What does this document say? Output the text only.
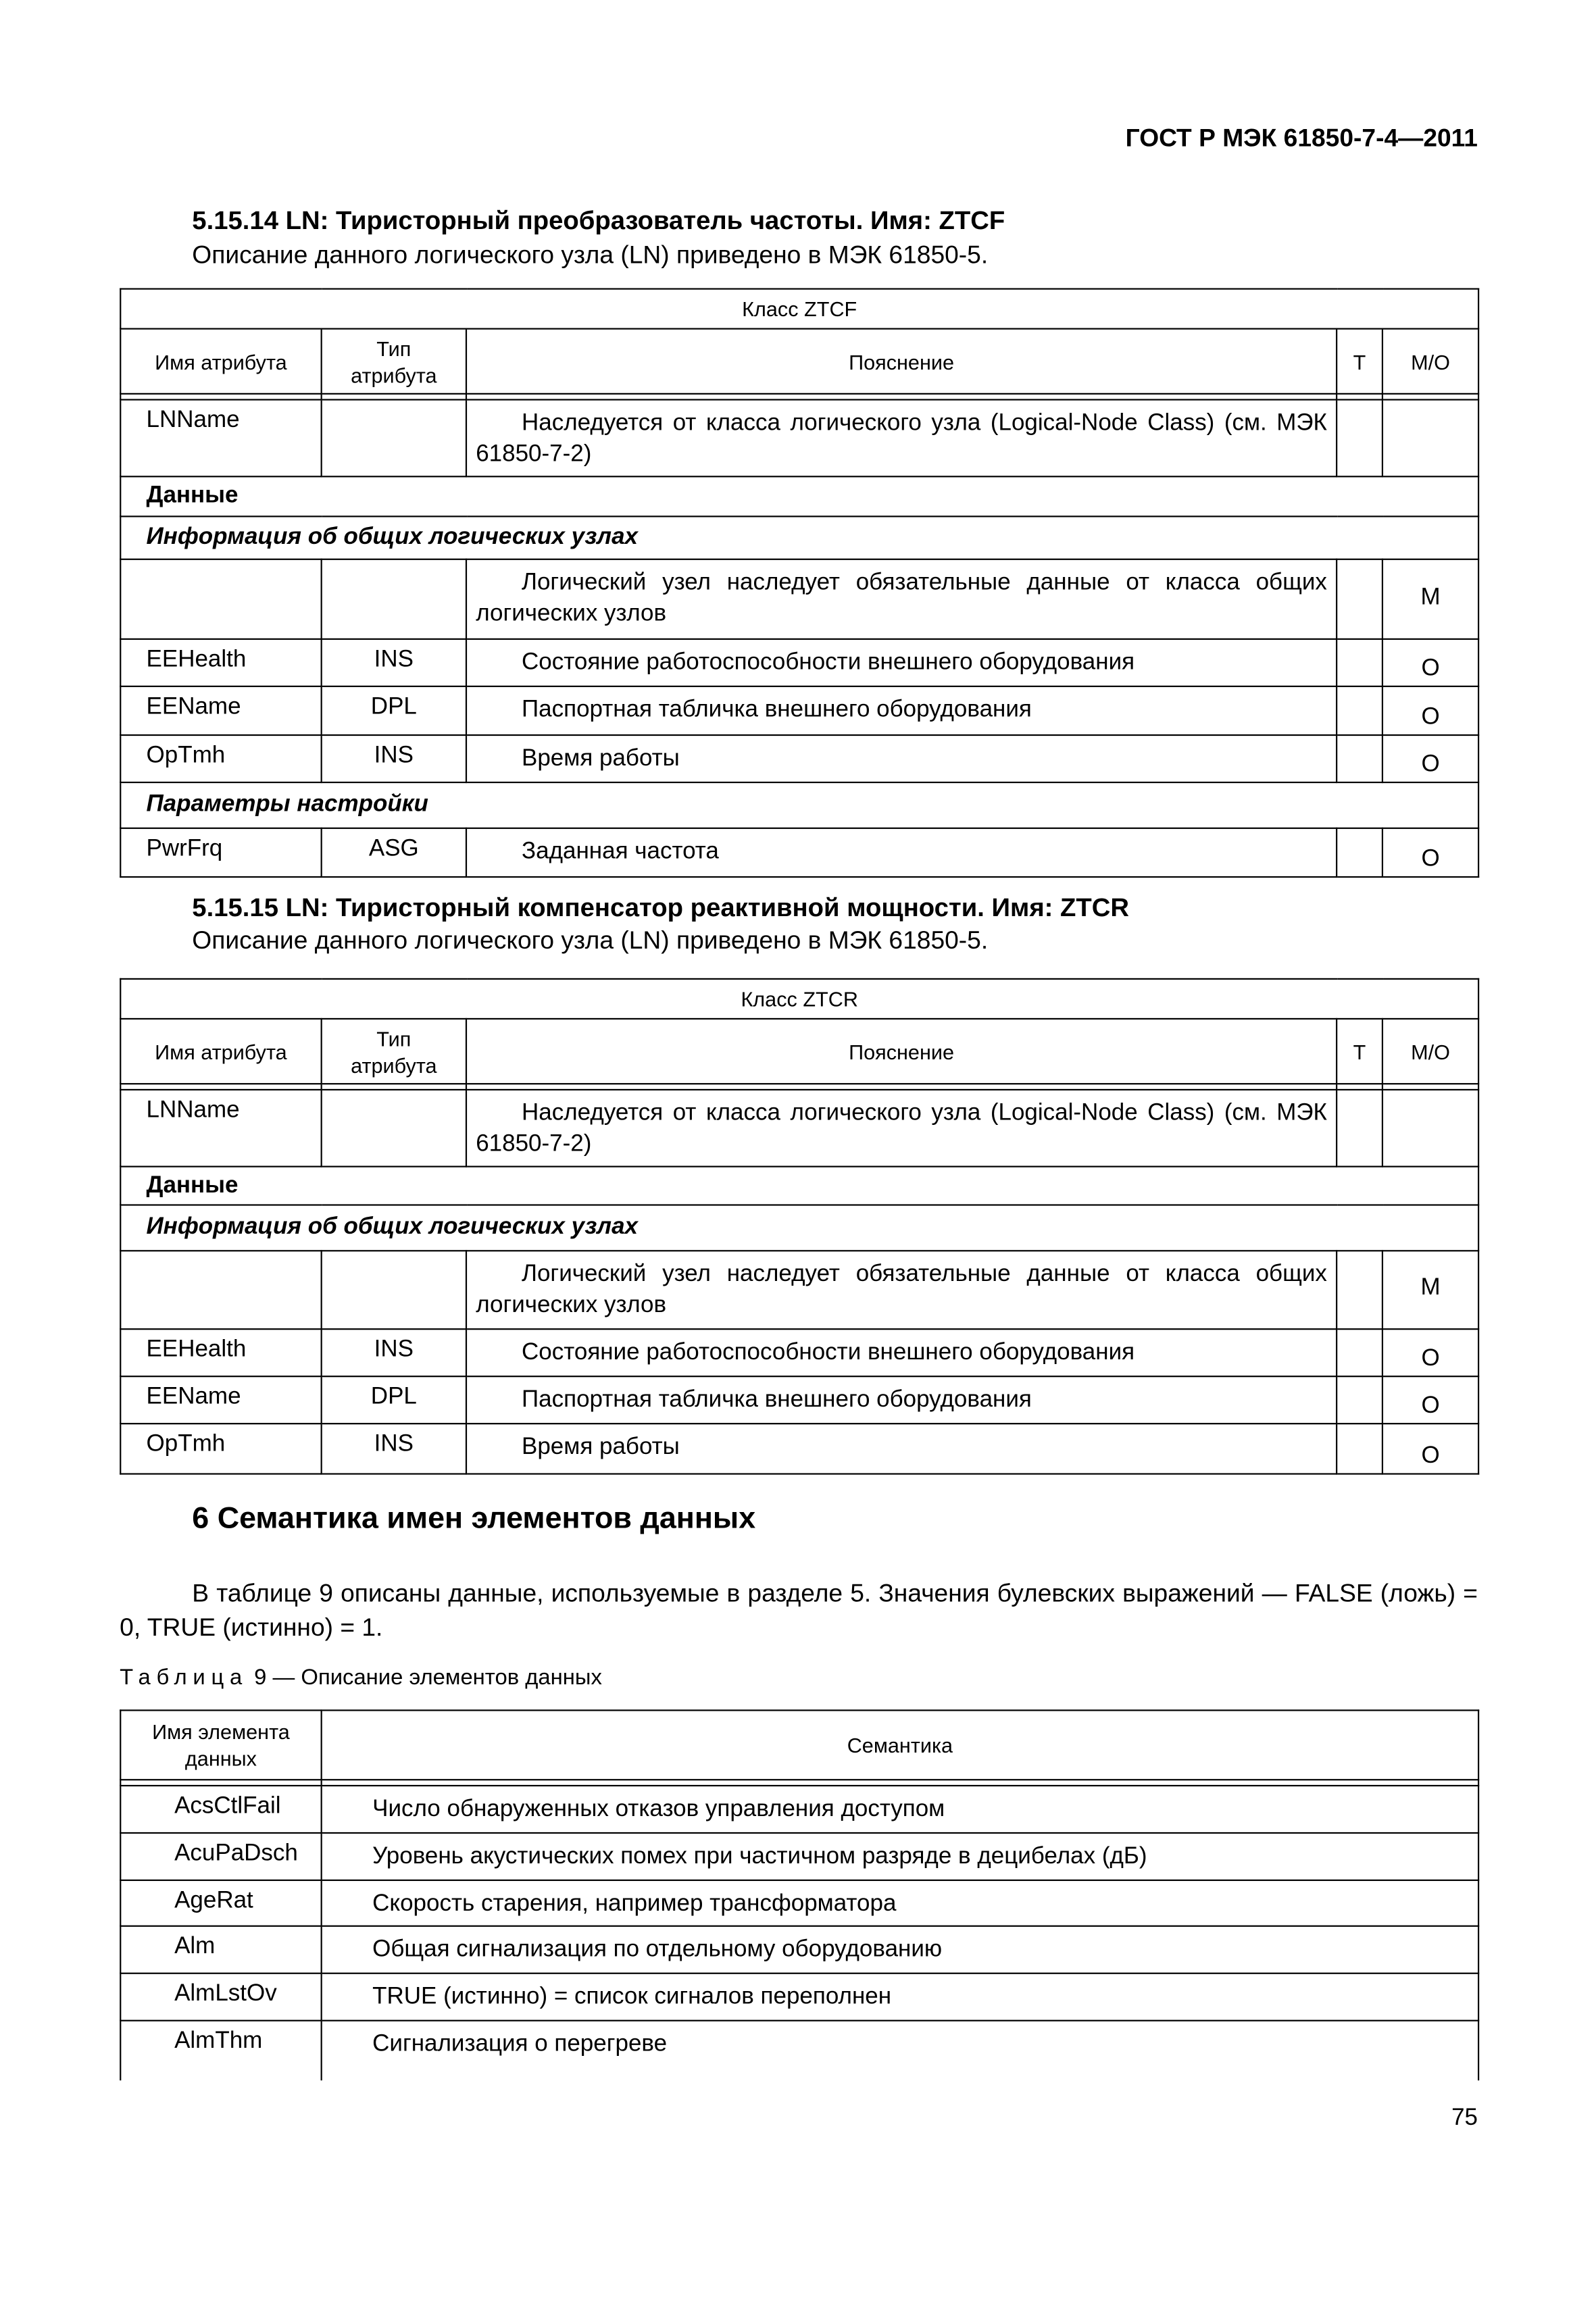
ГОСТ Р МЭК 61850-7-4—2011
5.15.14 LN: Тиристорный преобразователь частоты. Имя: ZTCF
Описание данного логического узла (LN) приведено в МЭК 61850-5.
Класс ZTCF				
Имя атрибута	Тип атрибута	Пояснение	T	M/O

LNName		Наследуется от класса логического узла (Logical-Node Class) (см. МЭК 61850-7-2)		
Данные				
Информация об общих логических узлах				
		Логический узел наследует обязательные данные от класса общих логических узлов		M
EEHealth	INS	Состояние работоспособности внешнего оборудования		O
EEName	DPL	Паспортная табличка внешнего оборудования		O
OpTmh	INS	Время работы		O
Параметры настройки				
PwrFrq	ASG	Заданная частота		O
5.15.15 LN: Тиристорный компенсатор реактивной мощности. Имя: ZTCR
Описание данного логического узла (LN) приведено в МЭК 61850-5.
Класс ZTCR				
Имя атрибута	Тип атрибута	Пояснение	T	M/O

LNName		Наследуется от класса логического узла (Logical-Node Class) (см. МЭК 61850-7-2)		
Данные				
Информация об общих логических узлах				
		Логический узел наследует обязательные данные от класса общих логических узлов		M
EEHealth	INS	Состояние работоспособности внешнего оборудования		O
EEName	DPL	Паспортная табличка внешнего оборудования		O
OpTmh	INS	Время работы		O
6 Семантика имен элементов данных
В таблице 9 описаны данные, используемые в разделе 5. Значения булевских выражений — FALSE (ложь) = 0, TRUE (истинно) = 1.
Таблица 9 — Описание элементов данных
Имя элемента данных	Семантика

AcsCtlFail	Число обнаруженных отказов управления доступом
AcuPaDsch	Уровень акустических помех при частичном разряде в децибелах (дБ)
AgeRat	Скорость старения, например трансформатора
Alm	Общая сигнализация по отдельному оборудованию
AlmLstOv	TRUE (истинно) = список сигналов переполнен
AlmThm	Сигнализация о перегреве
75
